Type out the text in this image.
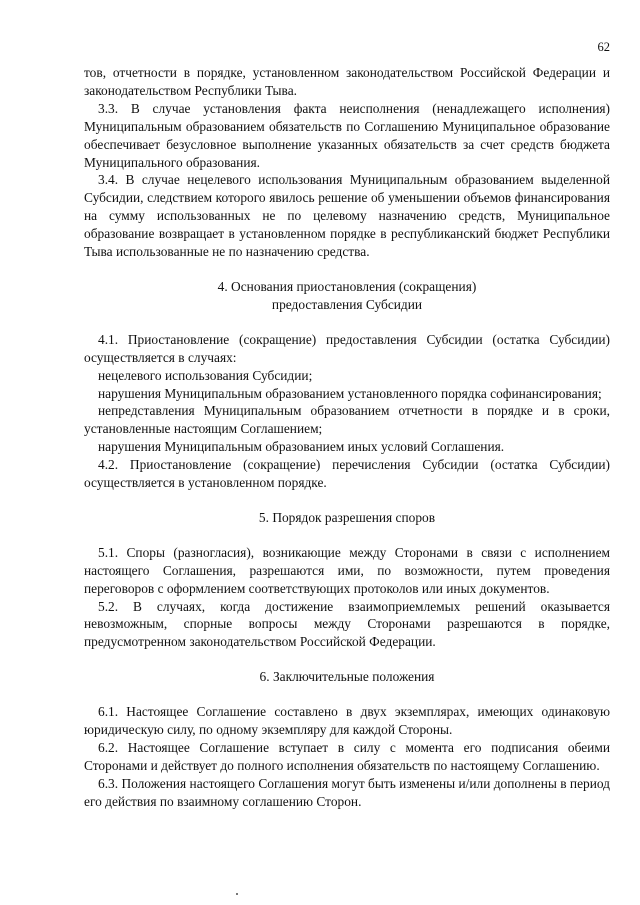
62

тов, отчетности в порядке, установленном законодательством Российской Федерации и законодательством Республики Тыва.

3.3. В случае установления факта неисполнения (ненадлежащего исполнения) Муниципальным образованием обязательств по Соглашению Муниципальное образование обеспечивает безусловное выполнение указанных обязательств за счет средств бюджета Муниципального образования.

3.4. В случае нецелевого использования Муниципальным образованием выделенной Субсидии, следствием которого явилось решение об уменьшении объемов финансирования на сумму использованных не по целевому назначению средств, Муниципальное образование возвращает в установленном порядке в республиканский бюджет Республики Тыва использованные не по назначению средства.

4. Основания приостановления (сокращения)

предоставления Субсидии

4.1. Приостановление (сокращение) предоставления Субсидии (остатка Субсидии) осуществляется в случаях:

нецелевого использования Субсидии;

нарушения Муниципальным образованием установленного порядка софинансирования;

непредставления Муниципальным образованием отчетности в порядке и в сроки, установленные настоящим Соглашением;

нарушения Муниципальным образованием иных условий Соглашения.

4.2. Приостановление (сокращение) перечисления Субсидии (остатка Субсидии) осуществляется в установленном порядке.

5. Порядок разрешения споров

5.1. Споры (разногласия), возникающие между Сторонами в связи с исполнением настоящего Соглашения, разрешаются ими, по возможности, путем проведения переговоров с оформлением соответствующих протоколов или иных документов.

5.2. В случаях, когда достижение взаимоприемлемых решений оказывается невозможным, спорные вопросы между Сторонами разрешаются в порядке, предусмотренном законодательством Российской Федерации.

6. Заключительные положения

6.1. Настоящее Соглашение составлено в двух экземплярах, имеющих одинаковую юридическую силу, по одному экземпляру для каждой Стороны.

6.2. Настоящее Соглашение вступает в силу с момента его подписания обеими Сторонами и действует до полного исполнения обязательств по настоящему Соглашению.

6.3. Положения настоящего Соглашения могут быть изменены и/или дополнены в период его действия по взаимному соглашению Сторон.
